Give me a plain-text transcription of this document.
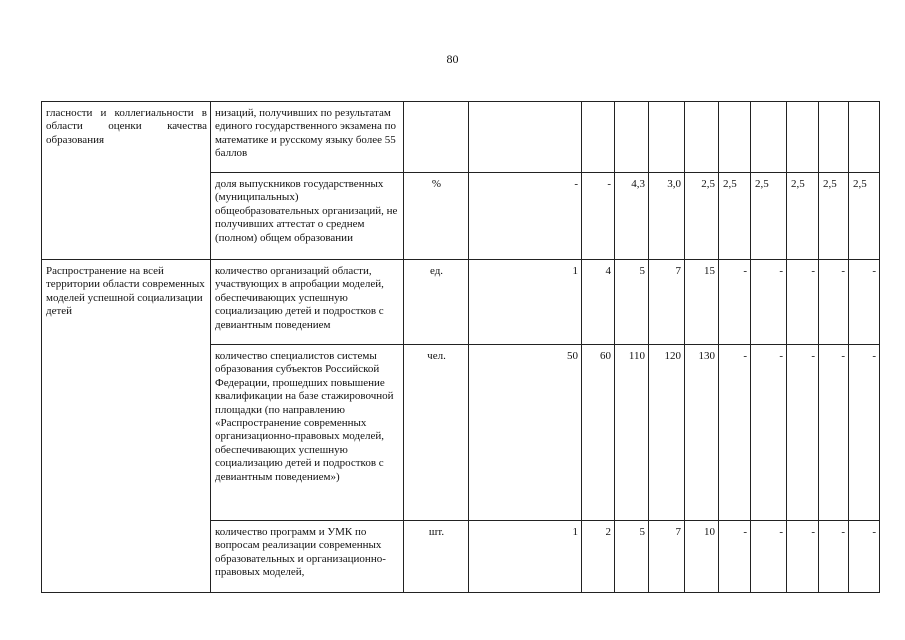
80
гласности и коллегиальности в области оценки качества образования	низаций, получивших по результатам единого государственного экзамена по математике и русскому языку более 55 баллов											
	доля выпускников государственных (муниципальных) общеобразовательных организаций, не получивших аттестат о среднем (полном) общем образовании	%	-	-	4,3	3,0	2,5	2,5	2,5	2,5	2,5	2,5
Распространение на всей территории области современных моделей успешной социализации детей	количество организаций области, участвующих в апробации моделей, обеспечивающих успешную социализацию детей и подростков с девиантным поведением	ед.	1	4	5	7	15	-	-	-	-	-
	количество специалистов системы образования субъектов Российской Федерации, прошедших повышение квалификации на базе стажировочной площадки (по направлению «Распространение современных организационно-правовых моделей, обеспечивающих успешную социализацию детей и подростков с девиантным поведением»)	чел.	50	60	110	120	130	-	-	-	-	-
	количество программ и УМК по вопросам реализации современных образовательных и организационно-правовых моделей,	шт.	1	2	5	7	10	-	-	-	-	-
